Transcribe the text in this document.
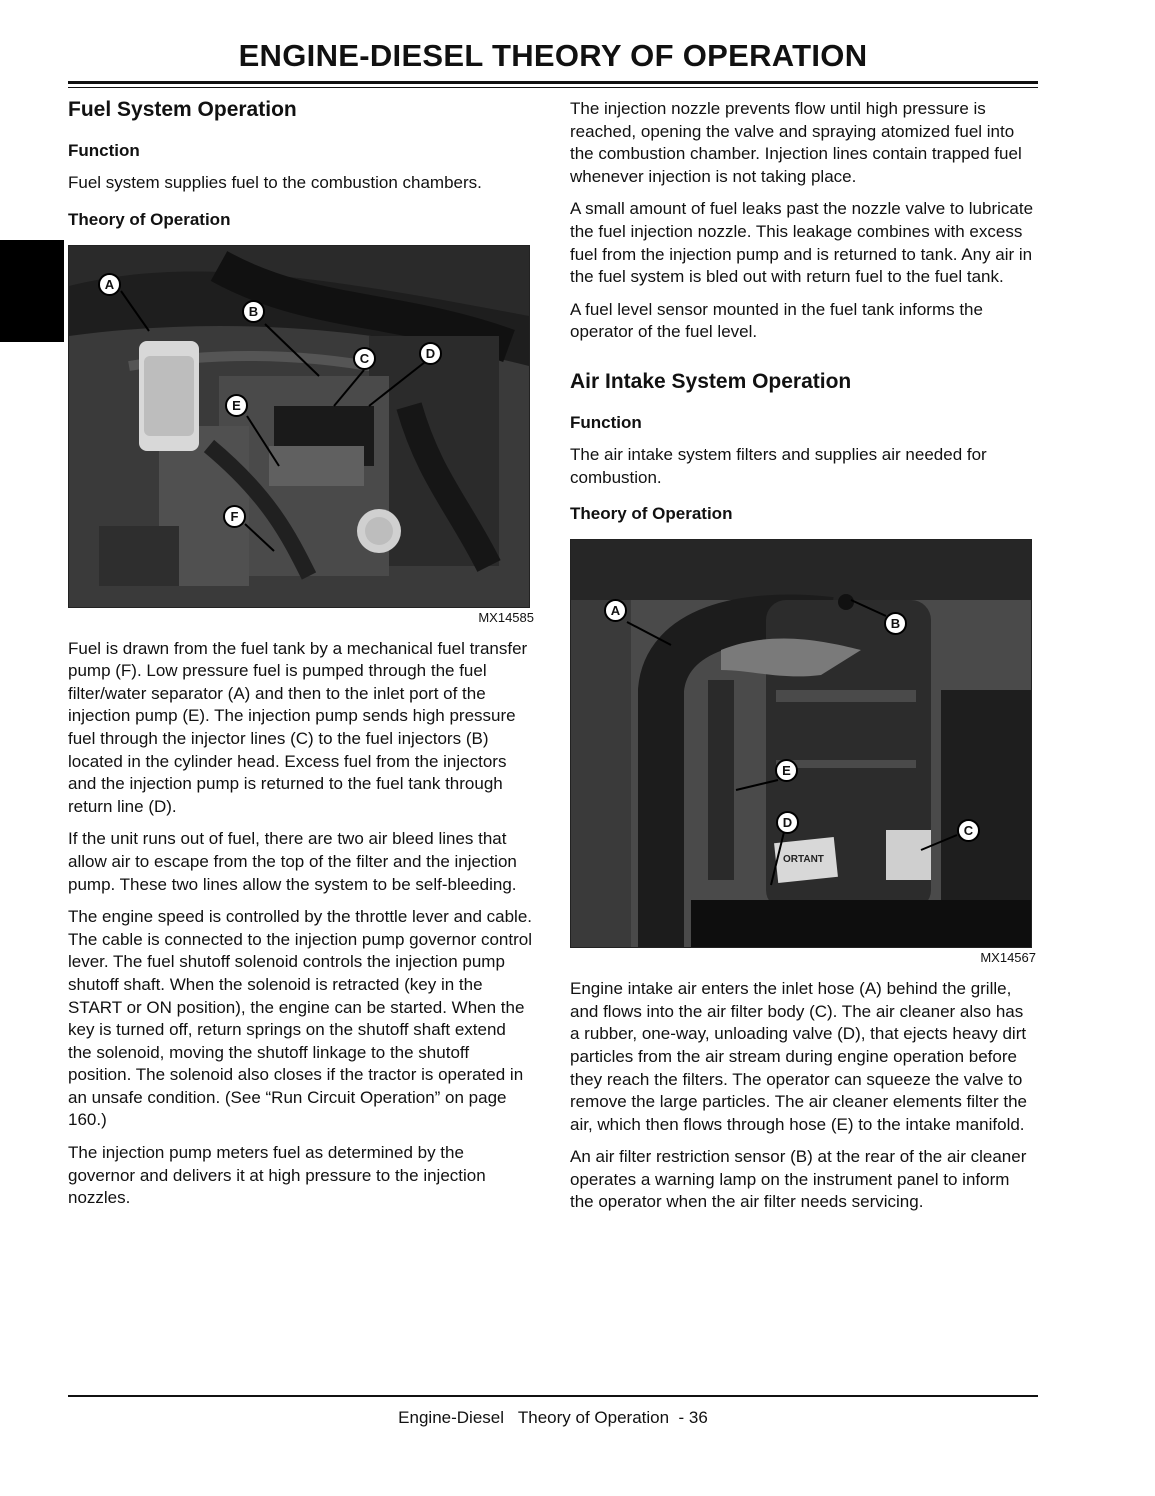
ENGINE-DIESEL THEORY OF OPERATION
Fuel System Operation
Function

Fuel system supplies fuel to the combustion chambers.

Theory of Operation
A
B
C	D
E
F
MX14585

Fuel is drawn from the fuel tank by a mechanical fuel transfer pump (F). Low pressure fuel is pumped through the fuel filter/water separator (A) and then to the inlet port of the injection pump (E). The injection pump sends high pressure fuel through the injector lines (C) to the fuel injectors (B) located in the cylinder head. Excess fuel from the injectors and the injection pump is returned to the fuel tank through return line (D).

If the unit runs out of fuel, there are two air bleed lines that allow air to escape from the top of the filter and the injection pump. These two lines allow the system to be self-bleeding.

The engine speed is controlled by the throttle lever and cable. The cable is connected to the injection pump governor control lever. The fuel shutoff solenoid controls the injection pump shutoff shaft. When the solenoid is retracted (key in the START or ON position), the engine can be started. When the key is turned off, return springs on the shutoff shaft extend the solenoid, moving the shutoff linkage to the shutoff position. The solenoid also closes if the tractor is operated in an unsafe condition. (See “Run Circuit Operation” on page 160.)

The injection pump meters fuel as determined by the governor and delivers it at high pressure to the injection nozzles.

The injection nozzle prevents flow until high pressure is reached, opening the valve and spraying atomized fuel into the combustion chamber. Injection lines contain trapped fuel whenever injection is not taking place.

A small amount of fuel leaks past the nozzle valve to lubricate the fuel injection nozzle. This leakage combines with excess fuel from the injection pump and is returned to tank. Any air in the fuel system is bled out with return fuel to the fuel tank.

A fuel level sensor mounted in the fuel tank informs the operator of the fuel level.

Air Intake System Operation
Function

The air intake system filters and supplies air needed for combustion.

Theory of Operation
ORTANT
A
B
C
D
E
MX14567

Engine intake air enters the inlet hose (A) behind the grille, and flows into the air filter body (C). The air cleaner also has a rubber, one-way, unloading valve (D), that ejects heavy dirt particles from the air stream during engine operation before they reach the filters. The operator can squeeze the valve to remove the large particles. The air cleaner elements filter the air, which then flows through hose (E) to the intake manifold.

An air filter restriction sensor (B) at the rear of the air cleaner operates a warning lamp on the instrument panel to inform the operator when the air filter needs servicing.

Engine-Diesel   Theory of Operation  - 36
